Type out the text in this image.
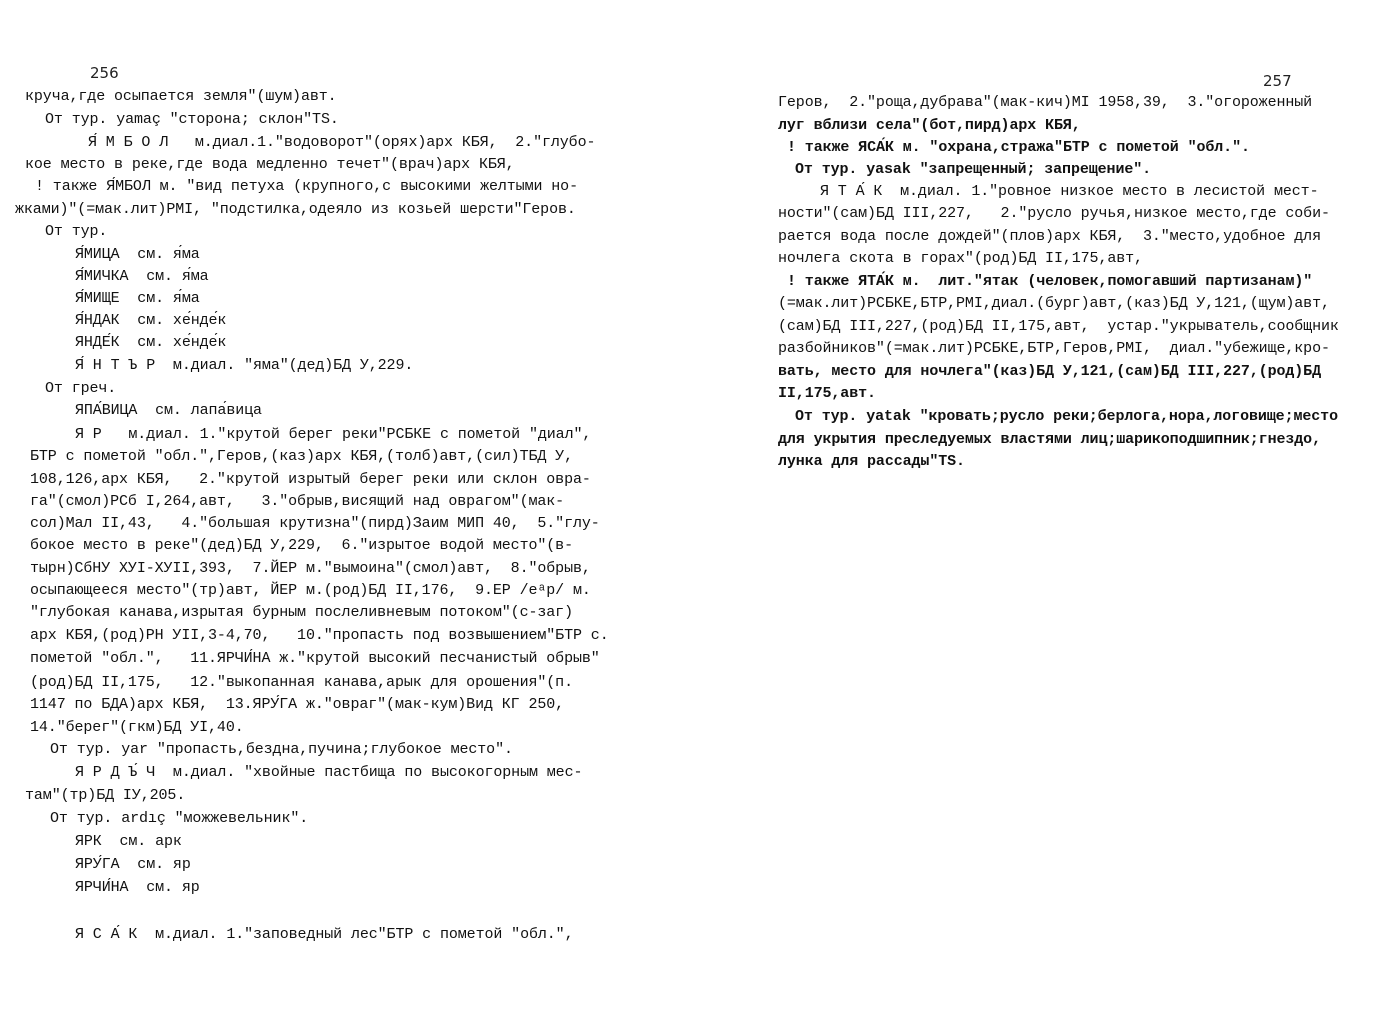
256
круча,где осыпается земля"(шум)авт.
От тур. yamaç "сторона; склон"TS.
Я́ М Б О Л   м.диал.1."водоворот"(орях)арх КБЯ,  2."глубо-
кое место в реке,где вода медленно течет"(врач)арх КБЯ,
! также Я́МБОЛ м. "вид петуха (крупного,с высокими желтыми но-
жками)"(=мак.лит)РМI, "подстилка,одеяло из козьей шерсти"Геров.
От тур.
Я́МИЦА  см. я́ма
Я́МИЧКА  см. я́ма
Я́МИЩЕ  см. я́ма
Я́НДАК  см. хе́нде́к
ЯНДЕ́К  см. хе́нде́к
Я́ Н Т Ъ Р  м.диал. "яма"(дед)БД У,229.
От греч.
ЯПА́ВИЦА  см. лапа́вица
Я Р   м.диал. 1."крутой берег реки"РСБКЕ с пометой "диал",
БТР с пометой "обл.",Геров,(каз)арх КБЯ,(толб)авт,(сил)ТБД У,
108,126,арх КБЯ,   2."крутой изрытый берег реки или склон овра-
га"(смол)РСб I,264,авт,   3."обрыв,висящий над оврагом"(мак-
сол)Мал II,43,   4."большая крутизна"(пирд)Заим МИП 40,  5."глу-
бокое место в реке"(дед)БД У,229,  6."изрытое водой место"(в-
тырн)СбНУ ХУI-ХУII,393,  7.ЙЕР м."вымоина"(смол)авт,  8."обрыв,
осыпающееся место"(тр)авт, ЙЕР м.(род)БД II,176,  9.ЕР /eᵃр/ м.
"глубокая канава,изрытая бурным послеливневым потоком"(с-заг)
арх КБЯ,(род)РН УII,3-4,70,   10."пропасть под возвышением"БТР с.
пометой "обл.",   11.ЯРЧИ́НА ж."крутой высокий песчанистый обрыв"
(род)БД II,175,   12."выкопанная канава,арык для орошения"(п.
1147 по БДА)арх КБЯ,  13.ЯРУ́ГА ж."овраг"(мак-кум)Вид КГ 250,
14."берег"(гкм)БД УI,40.
От тур. yar "пропасть,бездна,пучина;глубокое место".
Я Р Д Ъ́ Ч  м.диал. "хвойные пастбища по высокогорным мес-
там"(тр)БД IУ,205.
От тур. ardıç "можжевельник".
ЯРК  см. арк
ЯРУ́ГА  см. яр
ЯРЧИ́НА  см. яр
Я С А́ К  м.диал. 1."заповедный лес"БТР с пометой "обл.",
257
Геров,  2."роща,дубрава"(мак-кич)МI 1958,39,  3."огороженный
луг вблизи села"(бот,пирд)арх КБЯ,
! также ЯСА́К м. "охрана,стража"БТР с пометой "обл.".
От тур. yasak "запрещенный; запрещение".
Я Т А́ К  м.диал. 1."ровное низкое место в лесистой мест-
ности"(сам)БД III,227,   2."русло ручья,низкое место,где соби-
рается вода после дождей"(плов)арх КБЯ,  3."место,удобное для
ночлега скота в горах"(род)БД II,175,авт,
! также ЯТА́К м.  лит."ятак (человек,помогавший партизанам)"
(=мак.лит)РСБКЕ,БТР,РМI,диал.(бург)авт,(каз)БД У,121,(щум)авт,
(сам)БД III,227,(род)БД II,175,авт,  устар."укрыватель,сообщник
разбойников"(=мак.лит)РСБКЕ,БТР,Геров,РМI,  диал."убежище,кро-
вать, место для ночлега"(каз)БД У,121,(сам)БД III,227,(род)БД
II,175,авт.
От тур. yatak "кровать;русло реки;берлога,нора,логовище;место
для укрытия преследуемых властями лиц;шарикоподшипник;гнездо,
лунка для рассады"TS.
